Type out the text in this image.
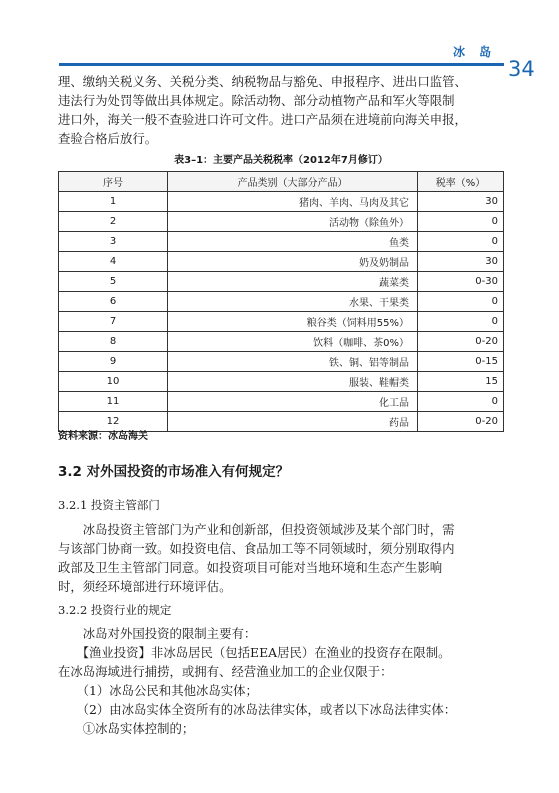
冰 岛
34

理、缴纳关税义务、关税分类、纳税物品与豁免、申报程序、进出口监管、
违法行为处罚等做出具体规定。除活动物、部分动植物产品和军火等限制
进口外，海关一般不查验进口许可文件。进口产品须在进境前向海关申报，
查验合格后放行。

表3–1：主要产品关税税率（2012年7月修订）
序号	产品类别（大部分产品）	税率（%）
1	猪肉、羊肉、马肉及其它	30
2	活动物（除鱼外）	0
3	鱼类	0
4	奶及奶制品	30
5	蔬菜类	0-30
6	水果、干果类	0
7	粮谷类（饲料用55%）	0
8	饮料（咖啡、茶0%）	0-20
9	铁、铜、铝等制品	0-15
10	服装、鞋帽类	15
11	化工品	0
12	药品	0-20
资料来源：冰岛海关
3.2 对外国投资的市场准入有何规定？
3.2.1 投资主管部门

　　冰岛投资主管部门为产业和创新部，但投资领域涉及某个部门时，需
与该部门协商一致。如投资电信、食品加工等不同领域时，须分别取得内
政部及卫生主管部门同意。如投资项目可能对当地环境和生态产生影响
时，须经环境部进行环境评估。

3.2.2 投资行业的规定

　　冰岛对外国投资的限制主要有：
　　【渔业投资】非冰岛居民（包括EEA居民）在渔业的投资存在限制。
在冰岛海域进行捕捞，或拥有、经营渔业加工的企业仅限于：
　　（1）冰岛公民和其他冰岛实体；
　　（2）由冰岛实体全资所有的冰岛法律实体，或者以下冰岛法律实体：
　　①冰岛实体控制的；
